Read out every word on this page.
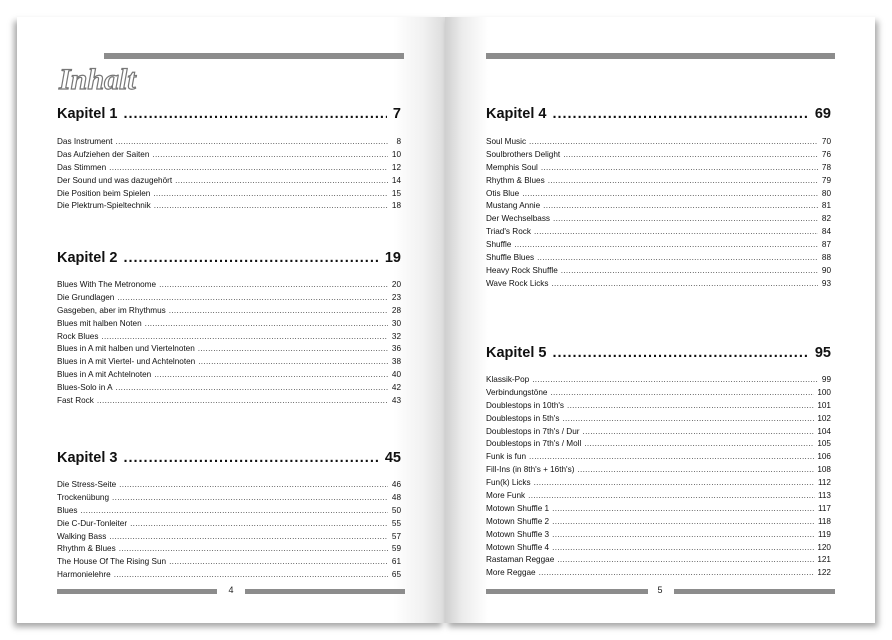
Inhalt
Kapitel 1 .....	7
Das Instrument .....	8
Das Aufziehen der Saiten .....	10
Das Stimmen .....	12
Der Sound und was dazugehört .....	14
Die Position beim Spielen .....	15
Die Plektrum-Spieltechnik .....	18
Kapitel 2 .....	19
Blues With The Metronome .....	20
Die Grundlagen .....	23
Gasgeben, aber im Rhythmus .....	28
Blues mit halben Noten .....	30
Rock Blues .....	32
Blues in A mit halben und Viertelnoten .....	36
Blues in A mit Viertel- und Achtelnoten .....	38
Blues in A mit Achtelnoten .....	40
Blues-Solo in A .....	42
Fast Rock .....	43
Kapitel 3 .....	45
Die Stress-Seite .....	46
Trockenübung .....	48
Blues .....	50
Die C-Dur-Tonleiter .....	55
Walking Bass .....	57
Rhythm & Blues .....	59
The House Of The Rising Sun .....	61
Harmonielehre .....	65
4
Kapitel 4 .....	69
Soul Music .....	70
Soulbrothers Delight .....	76
Memphis Soul .....	78
Rhythm & Blues .....	79
Otis Blue .....	80
Mustang Annie .....	81
Der Wechselbass .....	82
Triad's Rock .....	84
Shuffle .....	87
Shuffle Blues .....	88
Heavy Rock Shuffle .....	90
Wave Rock Licks .....	93
Kapitel 5 .....	95
Klassik-Pop .....	99
Verbindungstöne .....	100
Doublestops in 10th's .....	101
Doublestops in 5th's .....	102
Doublestops in 7th's / Dur .....	104
Doublestops in 7th's / Moll .....	105
Funk is fun .....	106
Fill-Ins (in 8th's + 16th's) .....	108
Fun(k) Licks .....	112
More Funk .....	113
Motown Shuffle 1 .....	117
Motown Shuffle 2 .....	118
Motown Shuffle 3 .....	119
Motown Shuffle 4 .....	120
Rastaman Reggae .....	121
More Reggae .....	122
5
